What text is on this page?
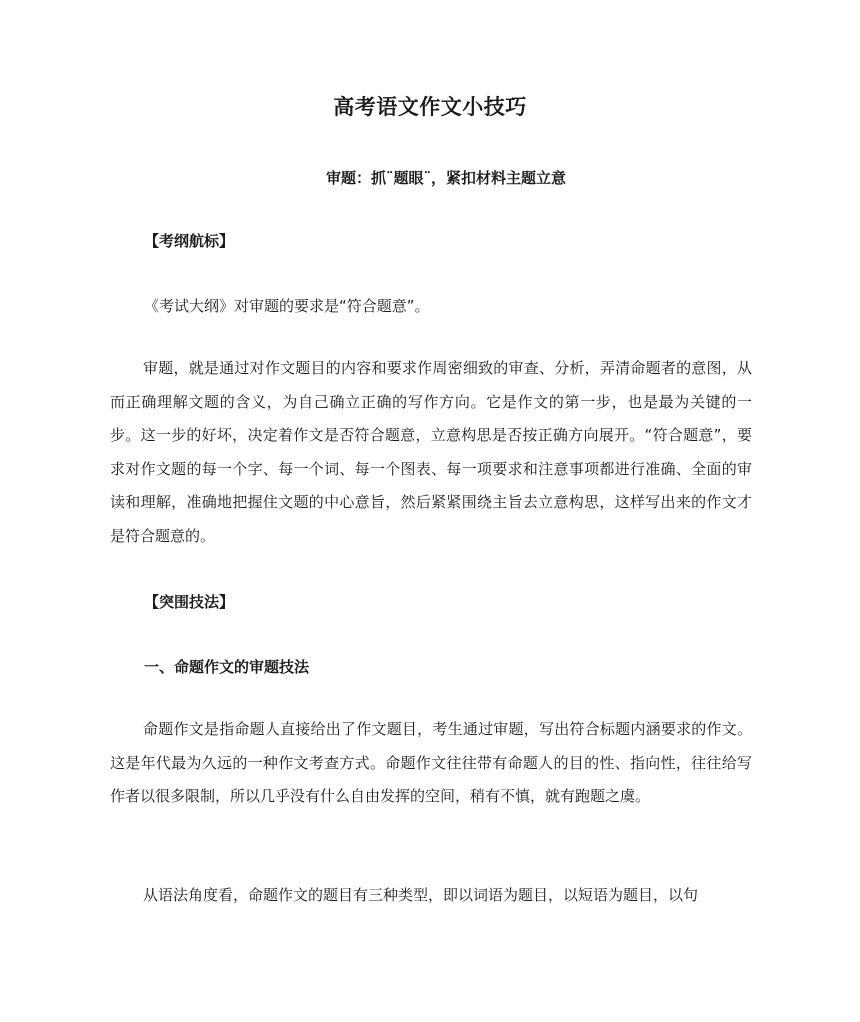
高考语文作文小技巧
审题：抓¨题眼¨，紧扣材料主题立意
【考纲航标】
《考试大纲》对审题的要求是“符合题意”。

审题，就是通过对作文题目的内容和要求作周密细致的审查、分析，弄清命题者的意图，从而正确理解文题的含义，为自己确立正确的写作方向。它是作文的第一步，也是最为关键的一步。这一步的好坏，决定着作文是否符合题意，立意构思是否按正确方向展开。“符合题意”，要求对作文题的每一个字、每一个词、每一个图表、每一项要求和注意事项都进行准确、全面的审读和理解，准确地把握住文题的中心意旨，然后紧紧围绕主旨去立意构思，这样写出来的作文才是符合题意的。

【突围技法】
一、命题作文的审题技法

命题作文是指命题人直接给出了作文题目，考生通过审题，写出符合标题内涵要求的作文。这是年代最为久远的一种作文考查方式。命题作文往往带有命题人的目的性、指向性，往往给写作者以很多限制，所以几乎没有什么自由发挥的空间，稍有不慎，就有跑题之虞。

从语法角度看，命题作文的题目有三种类型，即以词语为题目，以短语为题目，以句
